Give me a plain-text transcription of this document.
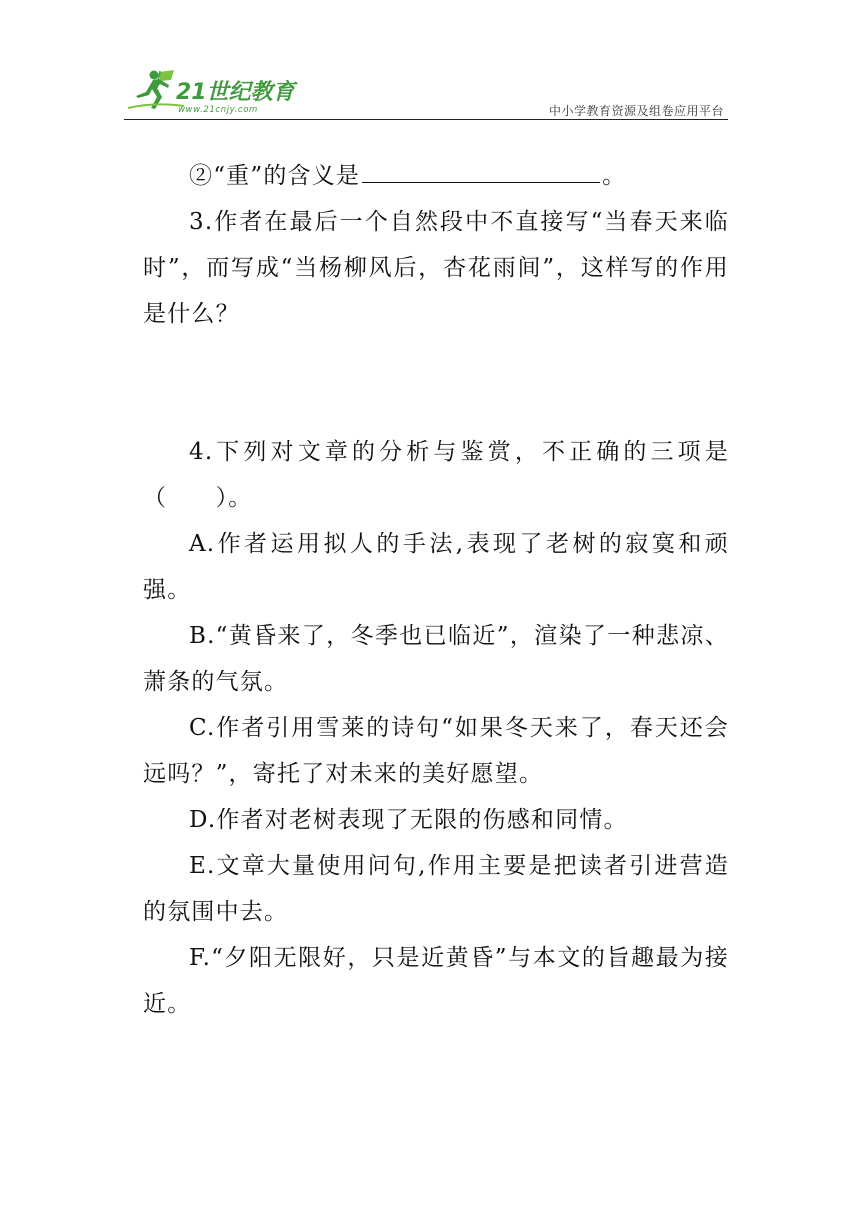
21世纪教育
www.21cnjy.com	中小学教育资源及组卷应用平台

②“重”的含义是	。

3.作者在最后一个自然段中不直接写“当春天来临时”，而写成“当杨柳风后，杏花雨间”，这样写的作用是什么？

4.下列对文章的分析与鉴赏，不正确的三项是（　　）。

A.作者运用拟人的手法,表现了老树的寂寞和顽强。

B.“黄昏来了，冬季也已临近”，渲染了一种悲凉、萧条的气氛。

C.作者引用雪莱的诗句“如果冬天来了，春天还会远吗？”，寄托了对未来的美好愿望。

D.作者对老树表现了无限的伤感和同情。

E.文章大量使用问句,作用主要是把读者引进营造的氛围中去。

F.“夕阳无限好，只是近黄昏”与本文的旨趣最为接近。
